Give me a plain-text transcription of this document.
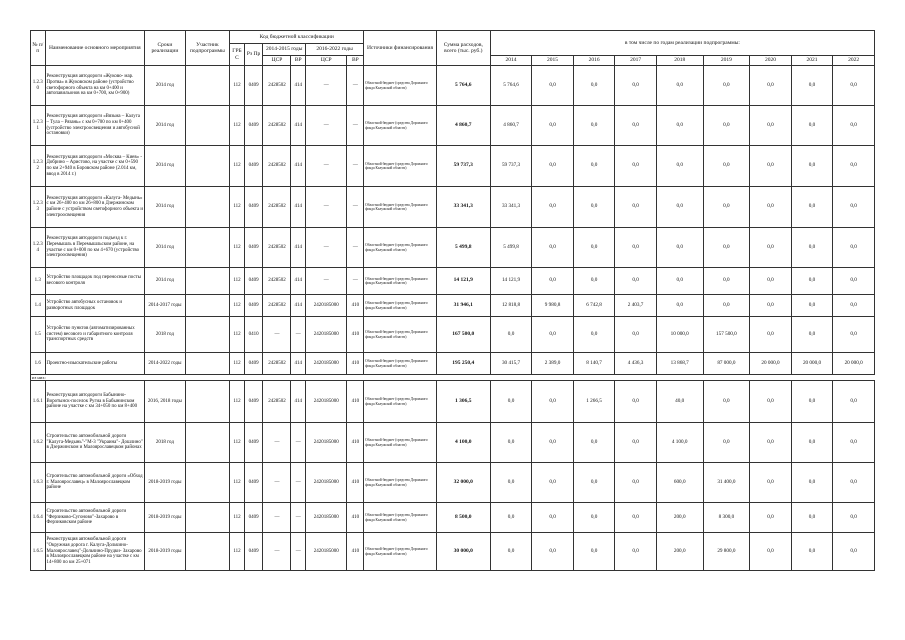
№ п/п	Наименование основного мероприятия	Сроки реализации	Участник подпрограммы	Код бюджетной классификации						Источники финансирования	Сумма расходов, всего (тыс. руб.)	в том числе по годам реализации подпрограммы:								
				ГРБС	Рз Пр	2014-2015 годы		2016-2022 годы												
						ЦСР	ВР	ЦСР	ВР											
												2014	2015	2016	2017	2018	2019	2020	2021	2022
1.2.30	Реконструкция автодороги «Жуково- мар. Протва» в Жуковском районе (устройство светофорного объекта на км 0+400 и автопавильонов на км 0+700, км 0+900)	2014 год		112	0409	2428502	414	—	—	Областной бюджет (средства Дорожного фонда Калужской области)	5 764,6	5 764,6	0,0	0,0	0,0	0,0	0,0	0,0	0,0	0,0
1.2.31	Реконструкция автодороги «Вязьма – Калуга – Тула – Рязань» с км 0+700 по км 0+400 (устройство электроосвещения и автобусной остановки)	2014 год		112	0409	2428502	414	—	—	Областной бюджет (средства Дорожного фонда Калужской области)	4 860,7	4 860,7	0,0	0,0	0,0	0,0	0,0	0,0	0,0	0,0
1.2.32	Реконструкция автодороги «Москва – Киев» - Добрино – Аристово, на участке с км 0+590 по км 2+940 в Боровском районе (2.014 км, ввод в 2014 г.)	2014 год		112	0409	2428502	414	—	—	Областной бюджет (средства Дорожного фонда Калужской области)	59 737,3	59 737,3	0,0	0,0	0,0	0,0	0,0	0,0	0,0	0,0
1.2.33	Реконструкция автодороги «Калуга- Медынь» с км 26+400 по км 26+800 в Дзержинском районе с устройством светофорного объекта и электроосвещения	2014 год		112	0409	2428502	414	—	—	Областной бюджет (средства Дорожного фонда Калужской области)	33 341,3	33 341,3	0,0	0,0	0,0	0,0	0,0	0,0	0,0	0,0
1.2.34	Реконструкция автодороги подъезд к г. Перемышль в Перемышльском районе, на участке с км 0+000 по км 4+670 (устройство электроосвещения)	2014 год		112	0409	2428502	414	—	—	Областной бюджет (средства Дорожного фонда Калужской области)	5 499,8	5 499,8	0,0	0,0	0,0	0,0	0,0	0,0	0,0	0,0
1.3	Устройство площадок под переносные посты весового контроля	2014 год		112	0409	2428502	414	—	—	Областной бюджет (средства Дорожного фонда Калужской области)	14 121,9	14 121,9	0,0	0,0	0,0	0,0	0,0	0,0	0,0	0,0
1.4	Устройство автобусных остановок и разворотных площадок	2014-2017 годы		112	0409	2428502	414	2420185000	410	Областной бюджет (средства Дорожного фонда Калужской области)	31 946,1	12 818,8	9 980,8	6 742,8	2 403,7	0,0	0,0	0,0	0,0	0,0
1.5	Устройство пунктов (автоматизированных систем) весового и габаритного контроля транспортных средств	2018 год		112	0410	—	—	2420185000	410	Областной бюджет (средства Дорожного фонда Калужской области)	167 500,0	0,0	0,0	0,0	0,0	10 000,0	157 500,0	0,0	0,0	0,0
1.6	Проектно-изыскательские работы	2014-2022 годы		112	0409	2428502	414	2420185000	410	Областной бюджет (средства Дорожного фонда Калужской области)	195 250,4	30 415,7	2 389,0	8 140,7	4 436,3	13 868,7	87 000,0	20 000,0	20 000,0	20 000,0
из них:																				
1.6.1	Реконструкция автодороги Бабынино- Воротынск-поселок Ругиа в Бабынинском районе на участке с км 34+050 по км 8+400	2016, 2018 годы		112	0409	2428502	414	2420185000	410	Областной бюджет (средства Дорожного фонда Калужской области)	1 306,5	0,0	0,0	1 266,5	0,0	40,0	0,0	0,0	0,0	0,0
1.6.2	Строительство автомобильной дороги "Калуга-Медынь"-"М-3 "Украина"- Дошлино" в Дзержинском и Малоярославецком районах	2018 год		112	0409	—	—	2420185000	410	Областной бюджет (средства Дорожного фонда Калужской области)	4 100,0	0,0	0,0	0,0	0,0	4 100,0	0,0	0,0	0,0	0,0
1.6.3	Строительство автомобильной дороги «Обход г. Малоярославец» в Малоярославецком районе	2018-2019 годы		112	0409	—	—	2420185000	410	Областной бюджет (средства Дорожного фонда Калужской области)	32 000,0	0,0	0,0	0,0	0,0	600,0	31 400,0	0,0	0,0	0,0
1.6.4	Строительство автомобильной дороги "Ферзиково-Сугоново"-Захарово в Ферзиковском районе	2018-2019 годы		112	0409	—	—	2420185000	410	Областной бюджет (средства Дорожного фонда Калужской области)	8 500,0	0,0	0,0	0,0	0,0	200,0	8 300,0	0,0	0,0	0,0
1.6.5	Реконструкция автомобильной дороги "Окружная дорога г. Калуга-Дольчино- Малоярославец"-Дольчино-Прудки- Захарово в Малоярославецком районе на участке с км 14+800 по км 25+071	2018-2019 годы		112	0409	—	—	2420185000	410	Областной бюджет (средства Дорожного фонда Калужской области)	30 000,0	0,0	0,0	0,0	0,0	200,0	29 800,0	0,0	0,0	0,0
